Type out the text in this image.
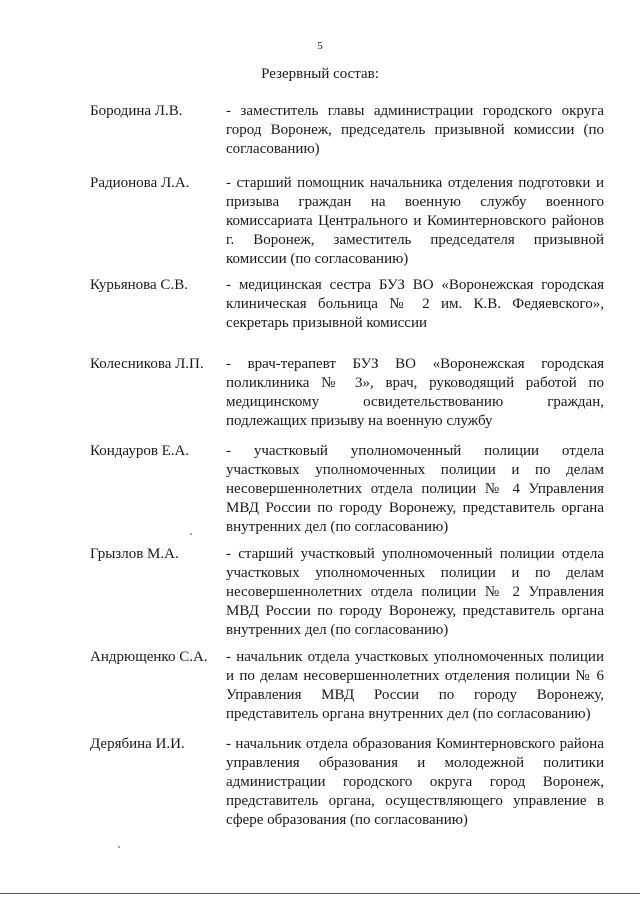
5
Резервный состав:
Бородина Л.В.	- заместитель главы администрации городского округа город Воронеж, председатель призывной комиссии (по согласованию)
Радионова Л.А. - старший помощник начальника отделения подготовки и призыва граждан на военную службу военного комиссариата Центрального и Коминтерновского районов г. Воронеж, заместитель председателя призывной комиссии (по согласованию)
Курьянова С.В.	- медицинская сестра БУЗ ВО «Воронежская городская клиническая больница № 2 им. К.В. Федяевского», секретарь призывной комиссии
Колесникова Л.П. - врач-терапевт БУЗ ВО «Воронежская городская поликлиника № 3», врач, руководящий работой по медицинскому освидетельствованию граждан, подлежащих призыву на военную службу
Кондауров Е.А. - участковый уполномоченный полиции отдела участковых уполномоченных полиции и по делам несовершеннолетних отдела полиции № 4 Управления МВД России по городу Воронежу, представитель органа внутренних дел (по согласованию)
Грызлов М.А.	- старший участковый уполномоченный полиции отдела участковых уполномоченных полиции и по делам несовершеннолетних отдела полиции № 2 Управления МВД России по городу Воронежу, представитель органа внутренних дел (по согласованию)
Андрющенко С.А. - начальник отдела участковых уполномоченных полиции и по делам несовершеннолетних отделения полиции № 6 Управления МВД России по городу Воронежу, представитель органа внутренних дел (по согласованию)
Дерябина И.И.	- начальник отдела образования Коминтерновского района управления образования и молодежной политики администрации городского округа город Воронеж, представитель органа, осуществляющего управление в сфере образования (по согласованию)
